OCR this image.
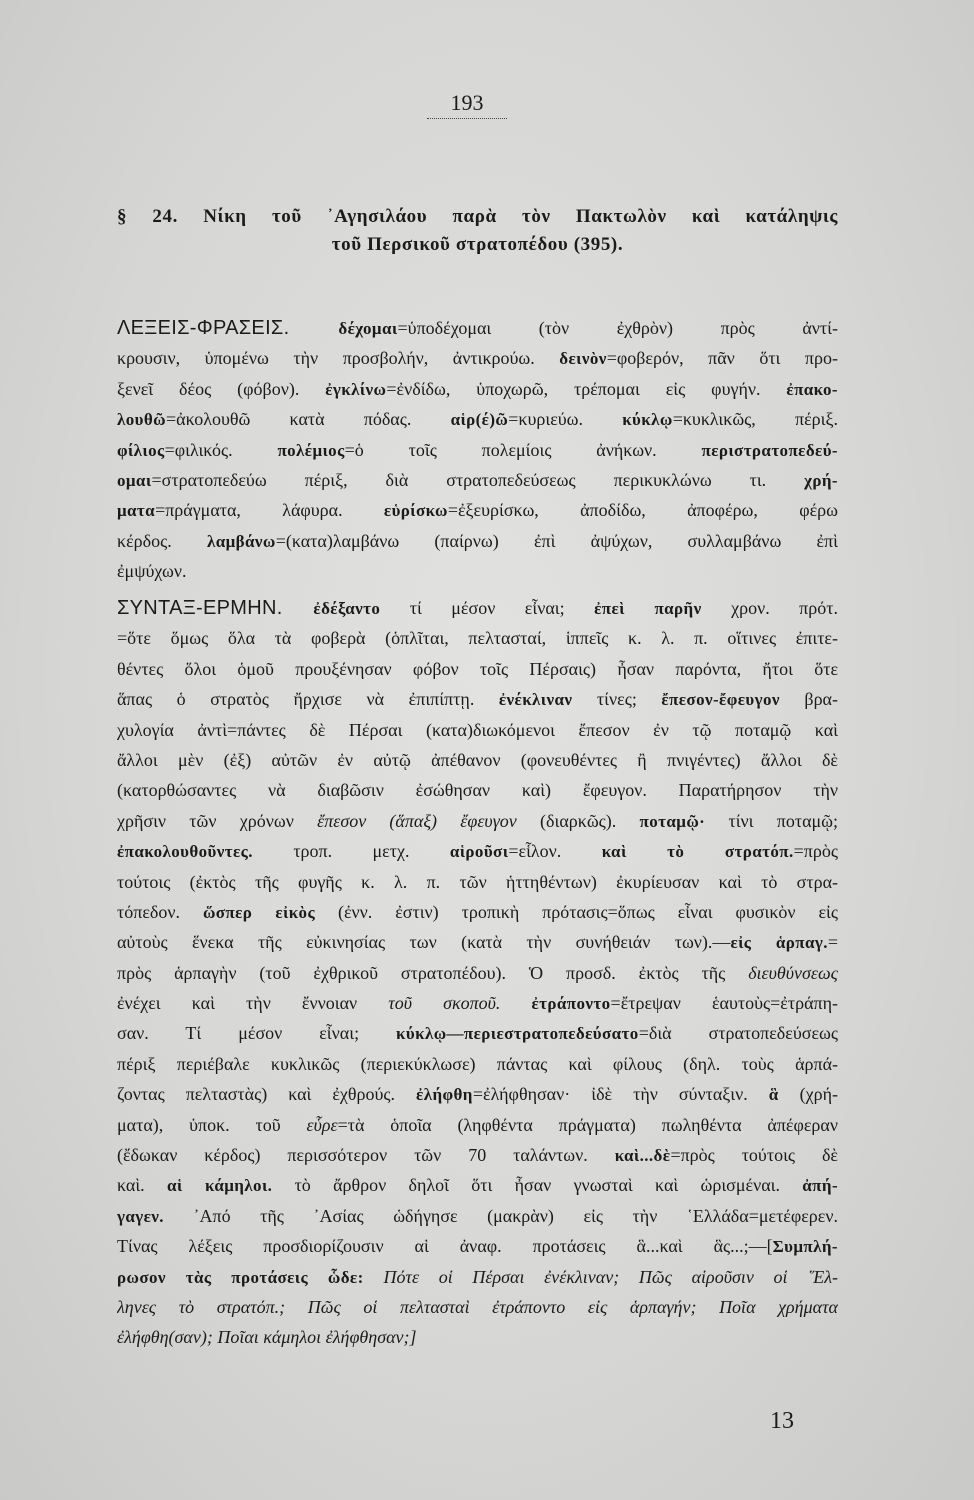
193
§ 24. Νίκη τοῦ ᾿Αγησιλάου παρὰ τὸν Πακτωλὸν καὶ κατάληψις
τοῦ Περσικοῦ στρατοπέδου (395).
ΛΕΞΕΙΣ-ΦΡΑΣΕΙΣ. δέχομαι=ὑποδέχομαι (τὸν ἐχθρὸν) πρὸς ἀντί-
κρουσιν, ὑπομένω τὴν προσβολήν, ἀντικρούω. δεινὸν=φοβερόν, πᾶν ὅτι προ-
ξενεῖ δέος (φόβον). ἐγκλίνω=ἐνδίδω, ὑποχωρῶ, τρέπομαι εἰς φυγήν. ἐπακο-
λουθῶ=ἀκολουθῶ κατὰ πόδας. αἱρ(έ)ῶ=κυριεύω. κύκλῳ=κυκλικῶς, πέριξ.
φίλιος=φιλικός. πολέμιος=ὁ τοῖς πολεμίοις ἀνήκων. περιστρατοπεδεύ-
ομαι=στρατοπεδεύω πέριξ, διὰ στρατοπεδεύσεως περικυκλώνω τι. χρή-
ματα=πράγματα, λάφυρα. εὑρίσκω=ἐξευρίσκω, ἀποδίδω, ἀποφέρω, φέρω
κέρδος. λαμβάνω=(κατα)λαμβάνω (παίρνω) ἐπὶ ἀψύχων, συλλαμβάνω ἐπὶ
ἐμψύχων.
ΣΥΝΤΑΞ-ΕΡΜΗΝ. ἐδέξαντο τί μέσον εἶναι; ἐπεὶ παρῆν χρον. πρότ.
=ὅτε ὅμως ὅλα τὰ φοβερὰ (ὁπλῖται, πελτασταί, ἱππεῖς κ. λ. π. οἵτινες ἐπιτε-
θέντες ὅλοι ὁμοῦ προυξένησαν φόβον τοῖς Πέρσαις) ἦσαν παρόντα, ἤτοι ὅτε
ἅπας ὁ στρατὸς ἤρχισε νὰ ἐπιπίπτῃ. ἐνέκλιναν τίνες; ἔπεσον-ἔφευγον βρα-
χυλογία ἀντὶ=πάντες δὲ Πέρσαι (κατα)διωκόμενοι ἔπεσον ἐν τῷ ποταμῷ καὶ
ἄλλοι μὲν (ἐξ) αὐτῶν ἐν αὐτῷ ἀπέθανον (φονευθέντες ἢ πνιγέντες) ἄλλοι δὲ
(κατορθώσαντες νὰ διαβῶσιν ἐσώθησαν καὶ) ἔφευγον. Παρατήρησον τὴν
χρῆσιν τῶν χρόνων ἔπεσον (ἅπαξ) ἔφευγον (διαρκῶς). ποταμῷ· τίνι ποταμῷ;
ἐπακολουθοῦντες. τροπ. μετχ. αἱροῦσι=εἷλον. καὶ τὸ στρατόπ.=πρὸς
τούτοις (ἐκτὸς τῆς φυγῆς κ. λ. π. τῶν ἡττηθέντων) ἐκυρίευσαν καὶ τὸ στρα-
τόπεδον. ὥσπερ εἰκὸς (ἐνν. ἐστιν) τροπικὴ πρότασις=ὅπως εἶναι φυσικὸν εἰς
αὐτοὺς ἕνεκα τῆς εὐκινησίας των (κατὰ τὴν συνήθειάν των).—εἰς ἁρπαγ.=
πρὸς ἁρπαγὴν (τοῦ ἐχθρικοῦ στρατοπέδου). Ὁ προσδ. ἐκτὸς τῆς διευθύνσεως
ἐνέχει καὶ τὴν ἔννοιαν τοῦ σκοποῦ. ἐτράποντο=ἔτρεψαν ἑαυτοὺς=ἐτράπη-
σαν. Τί μέσον εἶναι; κύκλῳ—περιεστρατοπεδεύσατο=διὰ στρατοπεδεύσεως
πέριξ περιέβαλε κυκλικῶς (περιεκύκλωσε) πάντας καὶ φίλους (δηλ. τοὺς ἁρπά-
ζοντας πελταστὰς) καὶ ἐχθρούς. ἐλήφθη=ἐλήφθησαν· ἰδὲ τὴν σύνταξιν. ἃ (χρή-
ματα), ὑποκ. τοῦ εὗρε=τὰ ὁποῖα (ληφθέντα πράγματα) πωληθέντα ἀπέφεραν
(ἔδωκαν κέρδος) περισσότερον τῶν 70 ταλάντων. καὶ...δὲ=πρὸς τούτοις δὲ
καὶ. αἱ κάμηλοι. τὸ ἄρθρον δηλοῖ ὅτι ἦσαν γνωσταὶ καὶ ὡρισμέναι. ἀπή-
γαγεν. ᾿Από τῆς ᾿Ασίας ὡδήγησε (μακρὰν) εἰς τὴν ῾Ελλάδα=μετέφερεν.
Τίνας λέξεις προσδιορίζουσιν αἱ ἀναφ. προτάσεις ἃ...καὶ ἃς...;—[Συμπλή-
ρωσον τὰς προτάσεις ὧδε: Πότε οἱ Πέρσαι ἐνέκλιναν; Πῶς αἱροῦσιν οἱ ῞Ελ-
ληνες τὸ στρατόπ.; Πῶς οἱ πελτασταὶ ἐτράποντο εἰς ἁρπαγήν; Ποῖα χρήματα
ἐλήφθη(σαν); Ποῖαι κάμηλοι ἐλήφθησαν;]
13
